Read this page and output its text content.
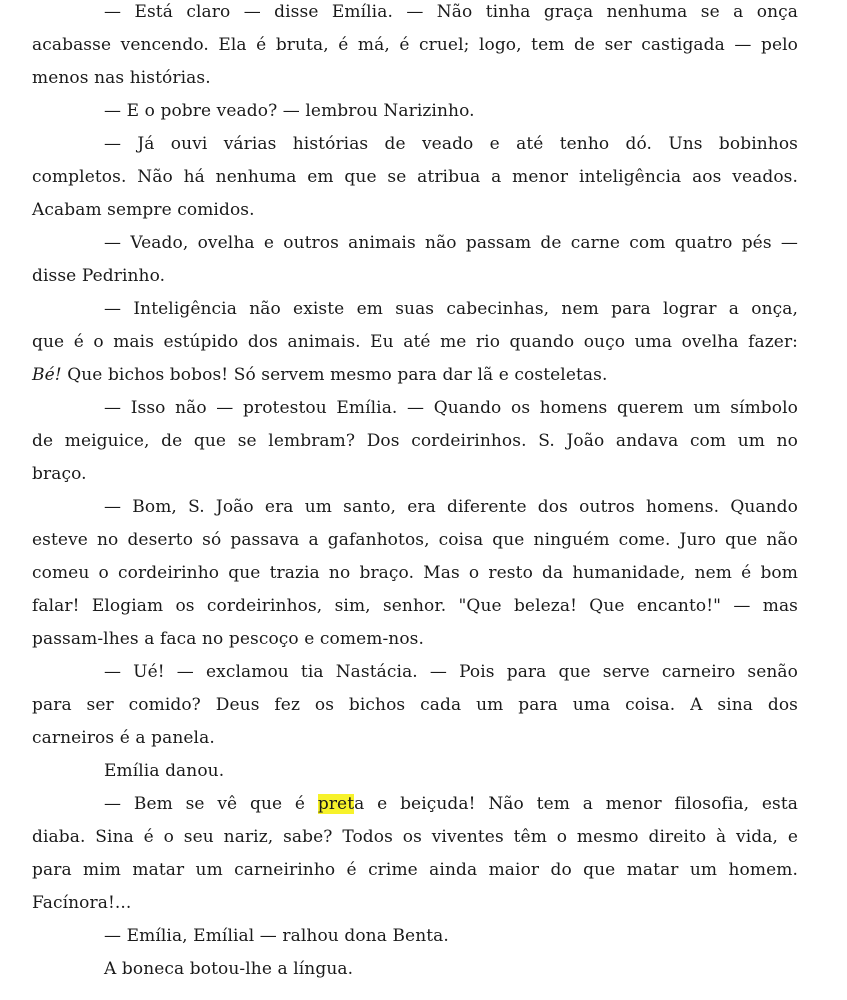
— Está claro — disse Emília. — Não tinha graça nenhuma se a onça
acabasse vencendo. Ela é bruta, é má, é cruel; logo, tem de ser castigada — pelo
menos nas histórias.
— E o pobre veado? — lembrou Narizinho.
— Já ouvi várias histórias de veado e até tenho dó. Uns bobinhos
completos. Não há nenhuma em que se atribua a menor inteligência aos veados.
Acabam sempre comidos.
— Veado, ovelha e outros animais não passam de carne com quatro pés —
disse Pedrinho.
— Inteligência não existe em suas cabecinhas, nem para lograr a onça,
que é o mais estúpido dos animais. Eu até me rio quando ouço uma ovelha fazer:
Bé! Que bichos bobos! Só servem mesmo para dar lã e costeletas.
— Isso não — protestou Emília. — Quando os homens querem um símbolo
de meiguice, de que se lembram? Dos cordeirinhos. S. João andava com um no
braço.
— Bom, S. João era um santo, era diferente dos outros homens. Quando
esteve no deserto só passava a gafanhotos, coisa que ninguém come. Juro que não
comeu o cordeirinho que trazia no braço. Mas o resto da humanidade, nem é bom
falar! Elogiam os cordeirinhos, sim, senhor. "Que beleza! Que encanto!" — mas
passam-lhes a faca no pescoço e comem-nos.
— Ué! — exclamou tia Nastácia. — Pois para que serve carneiro senão
para ser comido? Deus fez os bichos cada um para uma coisa. A sina dos
carneiros é a panela.
Emília danou.
— Bem se vê que é preta e beiçuda! Não tem a menor filosofia, esta
diaba. Sina é o seu nariz, sabe? Todos os viventes têm o mesmo direito à vida, e
para mim matar um carneirinho é crime ainda maior do que matar um homem.
Facínora!...
— Emília, Emílial — ralhou dona Benta.
A boneca botou-lhe a língua.
